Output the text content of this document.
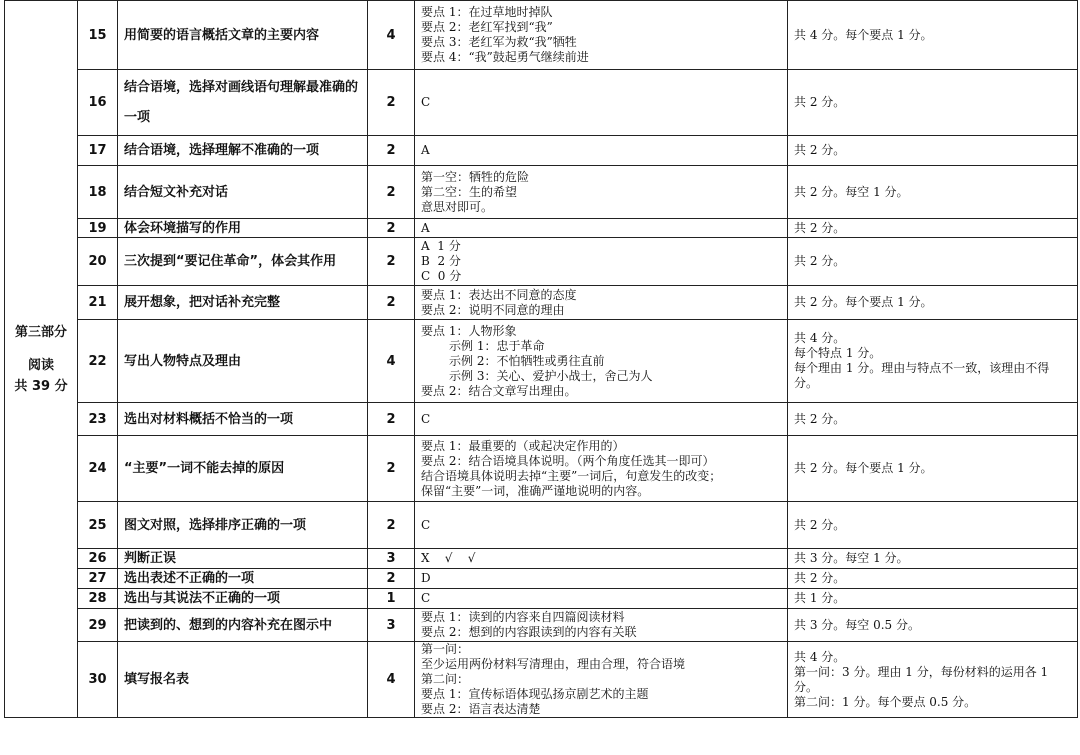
第三部分
阅读
共 39 分	15	用简要的语言概括文章的主要内容	4	要点 1：在过草地时掉队
要点 2：老红军找到“我”
要点 3：老红军为救“我”牺牲
要点 4：“我”鼓起勇气继续前进	共 4 分。每个要点 1 分。

	16	结合语境，选择对画线语句理解最准确的一项	2	C	共 2 分。

	17	结合语境，选择理解不准确的一项	2	A	共 2 分。

	18	结合短文补充对话	2	第一空：牺牲的危险
第二空：生的希望
意思对即可。	共 2 分。每空 1 分。

	19	体会环境描写的作用	2	A	共 2 分。

	20	三次提到“要记住革命”，体会其作用	2	A  1 分
B  2 分
C  0 分	共 2 分。

	21	展开想象，把对话补充完整	2	要点 1：表达出不同意的态度
要点 2：说明不同意的理由	共 2 分。每个要点 1 分。

	22	写出人物特点及理由	4	要点 1：人物形象
示例 1：忠于革命
示例 2：不怕牺牲或勇往直前
示例 3：关心、爱护小战士，舍己为人
要点 2：结合文章写出理由。	共 4 分。
每个特点 1 分。
每个理由 1 分。理由与特点不一致，该理由不得分。

	23	选出对材料概括不恰当的一项	2	C	共 2 分。

	24	“主要”一词不能去掉的原因	2	要点 1：最重要的（或起决定作用的）
要点 2：结合语境具体说明。（两个角度任选其一即可）
结合语境具体说明去掉“主要”一词后，句意发生的改变；
保留“主要”一词，准确严谨地说明的内容。	共 2 分。每个要点 1 分。

	25	图文对照，选择排序正确的一项	2	C	共 2 分。

	26	判断正误	3	X    √    √	共 3 分。每空 1 分。

	27	选出表述不正确的一项	2	D	共 2 分。

	28	选出与其说法不正确的一项	1	C	共 1 分。

	29	把读到的、想到的内容补充在图示中	3	要点 1：读到的内容来自四篇阅读材料
要点 2：想到的内容跟读到的内容有关联	共 3 分。每空 0.5 分。

	30	填写报名表	4	第一问：
至少运用两份材料写清理由，理由合理，符合语境
第二问：
要点 1：宣传标语体现弘扬京剧艺术的主题
要点 2：语言表达清楚	共 4 分。
第一问：3 分。理由 1 分，每份材料的运用各 1 分。
第二问：1 分。每个要点 0.5 分。
